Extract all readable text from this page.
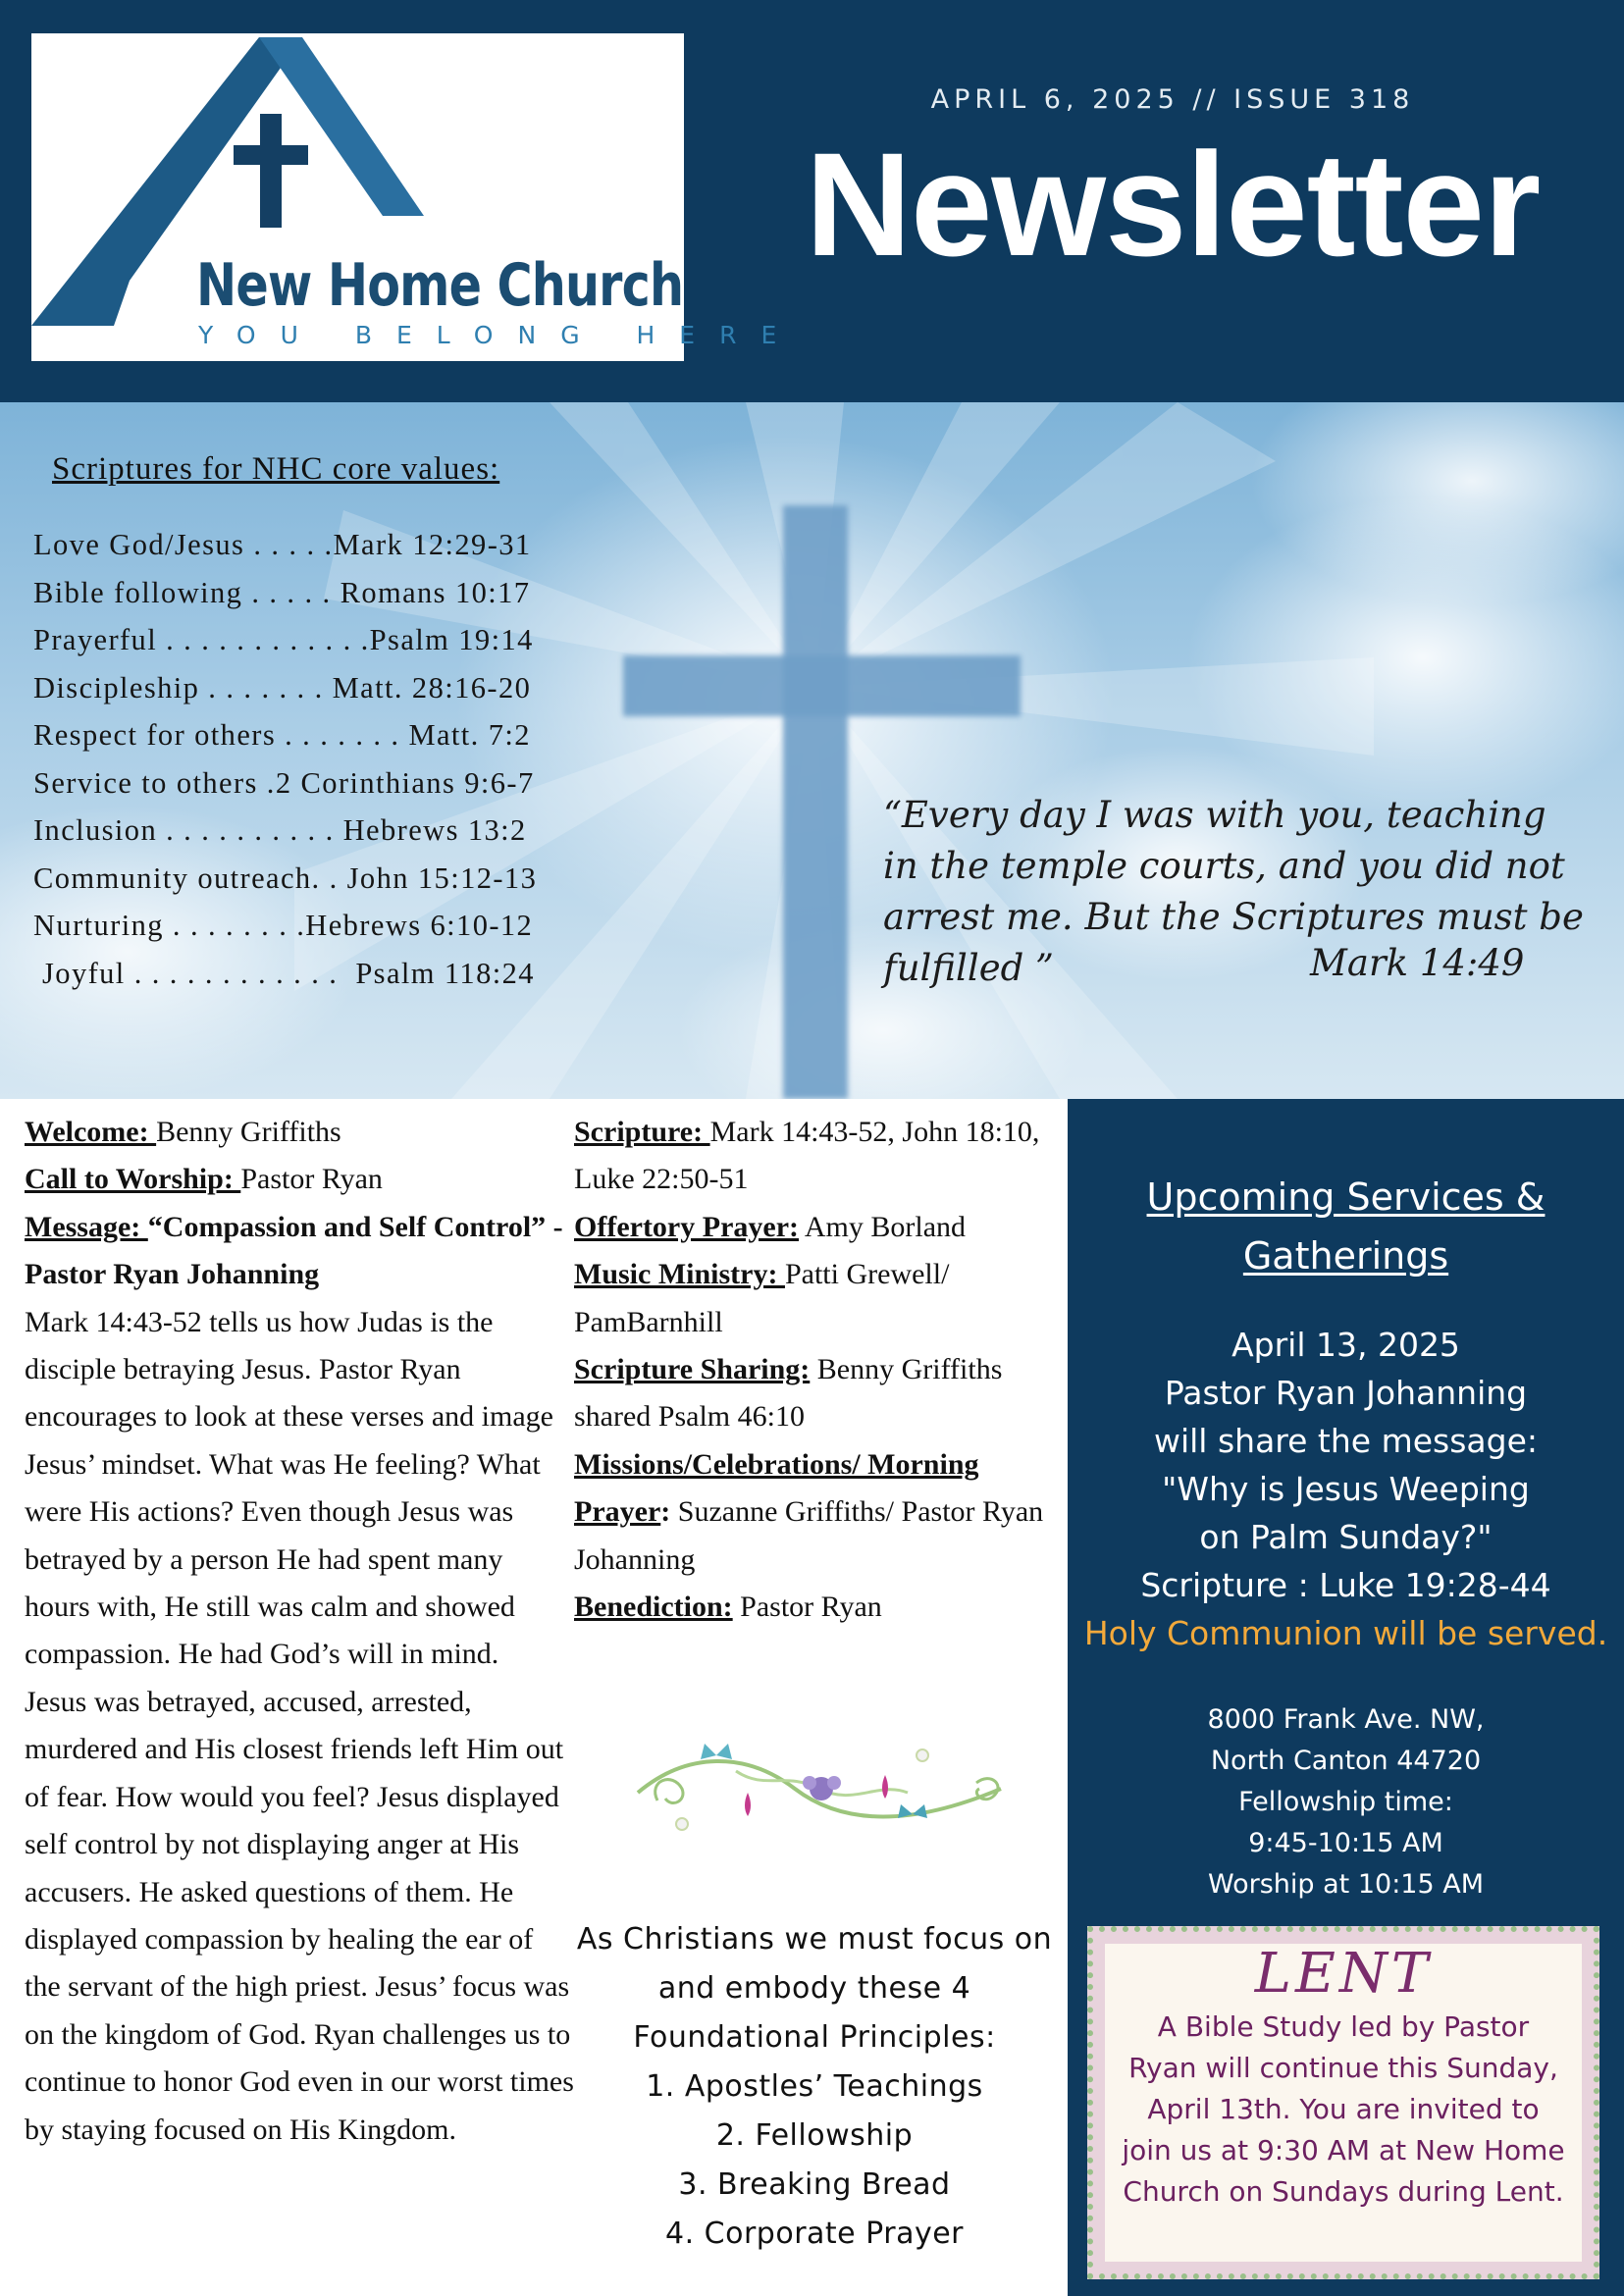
New Home Church
YOU BELONG HERE
APRIL 6, 2025 // ISSUE 318
Newsletter
Scriptures for NHC core values:
Love God/Jesus . . . . .Mark 12:29-31
Bible following . . . . . Romans 10:17
Prayerful . . . . . . . . . . . .Psalm 19:14
Discipleship . . . . . . . Matt. 28:16-20
Respect for others . . . . . . . Matt. 7:2
Service to others .2 Corinthians 9:6-7
Inclusion . . . . . . . . . . Hebrews 13:2
Community outreach. . John 15:12-13
Nurturing . . . . . . . .Hebrews 6:10-12
Joyful . . . . . . . . . . . .  Psalm 118:24
“Every day I was with you, teaching in the temple courts, and you did not arrest me. But the Scriptures must be fulfilled ”	Mark 14:49
Welcome: Benny Griffiths
Call to Worship: Pastor Ryan
Message: “Compassion and Self Control” - Pastor Ryan Johanning
Mark 14:43-52 tells us how Judas is the disciple betraying Jesus. Pastor Ryan encourages to look at these verses and image Jesus’ mindset. What was He feeling? What were His actions? Even though Jesus was betrayed by a person He had spent many hours with, He still was calm and showed compassion. He had God’s will in mind.
Jesus was betrayed, accused, arrested, murdered and His closest friends left Him out of fear. How would you feel? Jesus displayed self control by not displaying anger at His accusers. He asked questions of them. He displayed compassion by healing the ear of the servant of the high priest. Jesus’ focus was on the kingdom of God. Ryan challenges us to continue to honor God even in our worst times by staying focused on His Kingdom.
Scripture: Mark 14:43-52, John 18:10, Luke 22:50-51
Offertory Prayer: Amy Borland
Music Ministry: Patti Grewell/ PamBarnhill
Scripture Sharing: Benny Griffiths shared Psalm 46:10
Missions/Celebrations/ Morning Prayer: Suzanne Griffiths/ Pastor Ryan Johanning
Benediction: Pastor Ryan

As Christians we must focus on and embody these 4 Foundational Principles:

1. Apostles’ Teachings

2. Fellowship

3. Breaking Bread

4. Corporate Prayer

Upcoming Services &
Gatherings
April 13, 2025
Pastor Ryan Johanning
will share the message:
"Why is Jesus Weeping
on Palm Sunday?"
Scripture : Luke 19:28-44
Holy Communion will be served.
8000 Frank Ave. NW,
North Canton 44720
Fellowship time:
9:45-10:15 AM
Worship at 10:15 AM
LENT
A Bible Study led by Pastor Ryan will continue this Sunday, April 13th. You are invited to join us at 9:30 AM at New Home Church on Sundays during Lent.
